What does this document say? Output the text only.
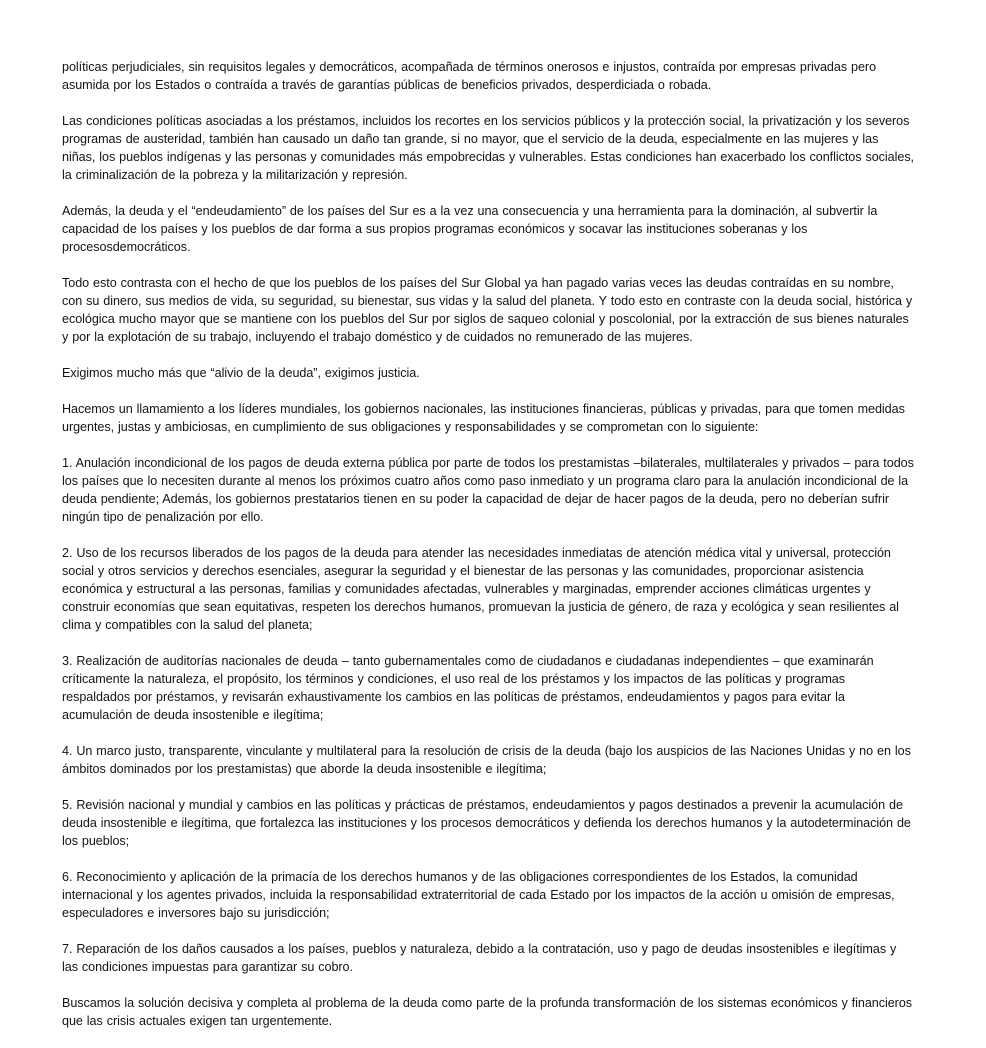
políticas perjudiciales, sin requisitos legales y democráticos, acompañada de términos onerosos e injustos, contraída por empresas privadas pero asumida por los Estados o contraída a través de garantías públicas de beneficios privados, desperdiciada o robada.

Las condiciones políticas asociadas a los préstamos, incluidos los recortes en los servicios públicos y la protección social, la privatización y los severos programas de austeridad, también han causado un daño tan grande, si no mayor, que el servicio de la deuda, especialmente en las mujeres y las niñas, los pueblos indígenas y las personas y comunidades más empobrecidas y vulnerables. Estas condiciones han exacerbado los conflictos sociales, la criminalización de la pobreza y la militarización y represión.

Además, la deuda y el “endeudamiento” de los países del Sur es a la vez una consecuencia y una herramienta para la dominación, al subvertir la capacidad de los países y los pueblos de dar forma a sus propios programas económicos y socavar las instituciones soberanas y los procesosdemocráticos.

Todo esto contrasta con el hecho de que los pueblos de los países del Sur Global ya han pagado varias veces las deudas contraídas en su nombre, con su dinero, sus medios de vida, su seguridad, su bienestar, sus vidas y la salud del planeta. Y todo esto en contraste con la deuda social, histórica y ecológica mucho mayor que se mantiene con los pueblos del Sur por siglos de saqueo colonial y poscolonial, por la extracción de sus bienes naturales y por la explotación de su trabajo, incluyendo el trabajo doméstico y de cuidados no remunerado de las mujeres.

Exigimos mucho más que “alivio de la deuda”, exigimos justicia.

Hacemos un llamamiento a los líderes mundiales, los gobiernos nacionales, las instituciones financieras, públicas y privadas, para que tomen medidas urgentes, justas y ambiciosas, en cumplimiento de sus obligaciones y responsabilidades y se comprometan con lo siguiente:

1. Anulación incondicional de los pagos de deuda externa pública por parte de todos los prestamistas –bilaterales, multilaterales y privados – para todos los países que lo necesiten durante al menos los próximos cuatro años como paso inmediato y un programa claro para la anulación incondicional de la deuda pendiente; Además, los gobiernos prestatarios tienen en su poder la capacidad de dejar de hacer pagos de la deuda, pero no deberían sufrir ningún tipo de penalización por ello.

2. Uso de los recursos liberados de los pagos de la deuda para atender las necesidades inmediatas de atención médica vital y universal, protección social y otros servicios y derechos esenciales, asegurar la seguridad y el bienestar de las personas y las comunidades, proporcionar asistencia económica y estructural a las personas, familias y comunidades afectadas, vulnerables y marginadas, emprender acciones climáticas urgentes y construir economías que sean equitativas, respeten los derechos humanos, promuevan la justicia de género, de raza y ecológica y sean resilientes al clima y compatibles con la salud del planeta;

3. Realización de auditorías nacionales de deuda – tanto gubernamentales como de ciudadanos e ciudadanas independientes – que examinarán críticamente la naturaleza, el propósito, los términos y condiciones, el uso real de los préstamos y los impactos de las políticas y programas respaldados por préstamos, y revisarán exhaustivamente los cambios en las políticas de préstamos, endeudamientos y pagos para evitar la acumulación de deuda insostenible e ilegítima;

4. Un marco justo, transparente, vinculante y multilateral para la resolución de crisis de la deuda (bajo los auspicios de las Naciones Unidas y no en los ámbitos dominados por los prestamistas) que aborde la deuda insostenible e ilegítima;

5. Revisión nacional y mundial y cambios en las políticas y prácticas de préstamos, endeudamientos y pagos destinados a prevenir la acumulación de deuda insostenible e ilegítima, que fortalezca las instituciones y los procesos democráticos y defienda los derechos humanos y la autodeterminación de los pueblos;

6. Reconocimiento y aplicación de la primacía de los derechos humanos y de las obligaciones correspondientes de los Estados, la comunidad internacional y los agentes privados, incluida la responsabilidad extraterritorial de cada Estado por los impactos de la acción u omisión de empresas, especuladores e inversores bajo su jurisdicción;

7. Reparación de los daños causados a los países, pueblos y naturaleza, debido a la contratación, uso y pago de deudas insostenibles e ilegítimas y las condiciones impuestas para garantizar su cobro.

Buscamos la solución decisiva y completa al problema de la deuda como parte de la profunda transformación de los sistemas económicos y financieros que las crisis actuales exigen tan urgentemente.
